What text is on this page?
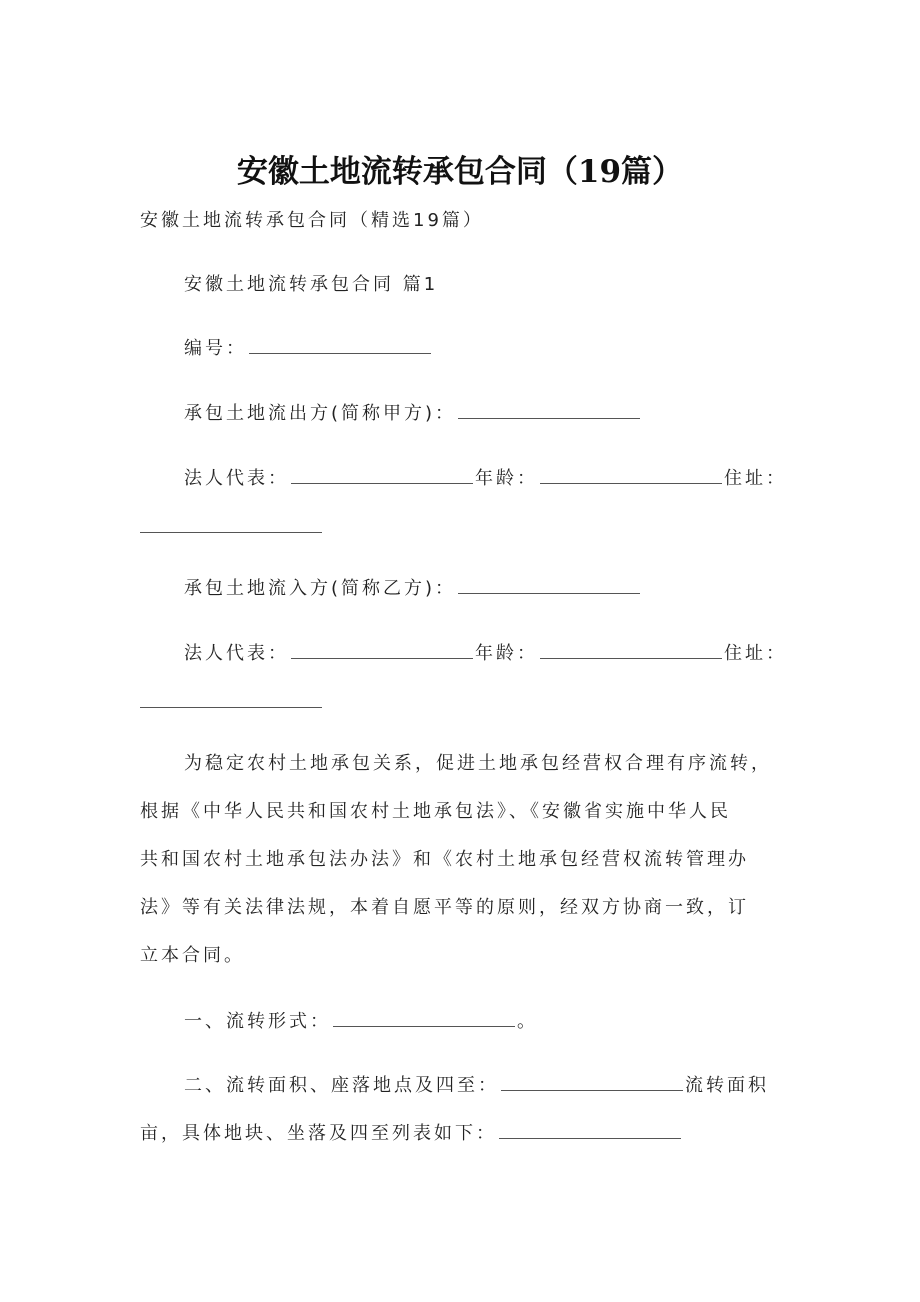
安徽土地流转承包合同（19篇）
安徽土地流转承包合同（精选19篇）
安徽土地流转承包合同 篇1
编号：
承包土地流出方(简称甲方)：
法人代表：	年龄：	住址：
承包土地流入方(简称乙方)：
法人代表：	年龄：	住址：
为稳定农村土地承包关系，促进土地承包经营权合理有序流转，
根据《中华人民共和国农村土地承包法》、《安徽省实施中华人民
共和国农村土地承包法办法》和《农村土地承包经营权流转管理办
法》等有关法律法规，本着自愿平等的原则，经双方协商一致，订
立本合同。
一、流转形式：	。
二、流转面积、座落地点及四至：	流转面积
亩，具体地块、坐落及四至列表如下：
